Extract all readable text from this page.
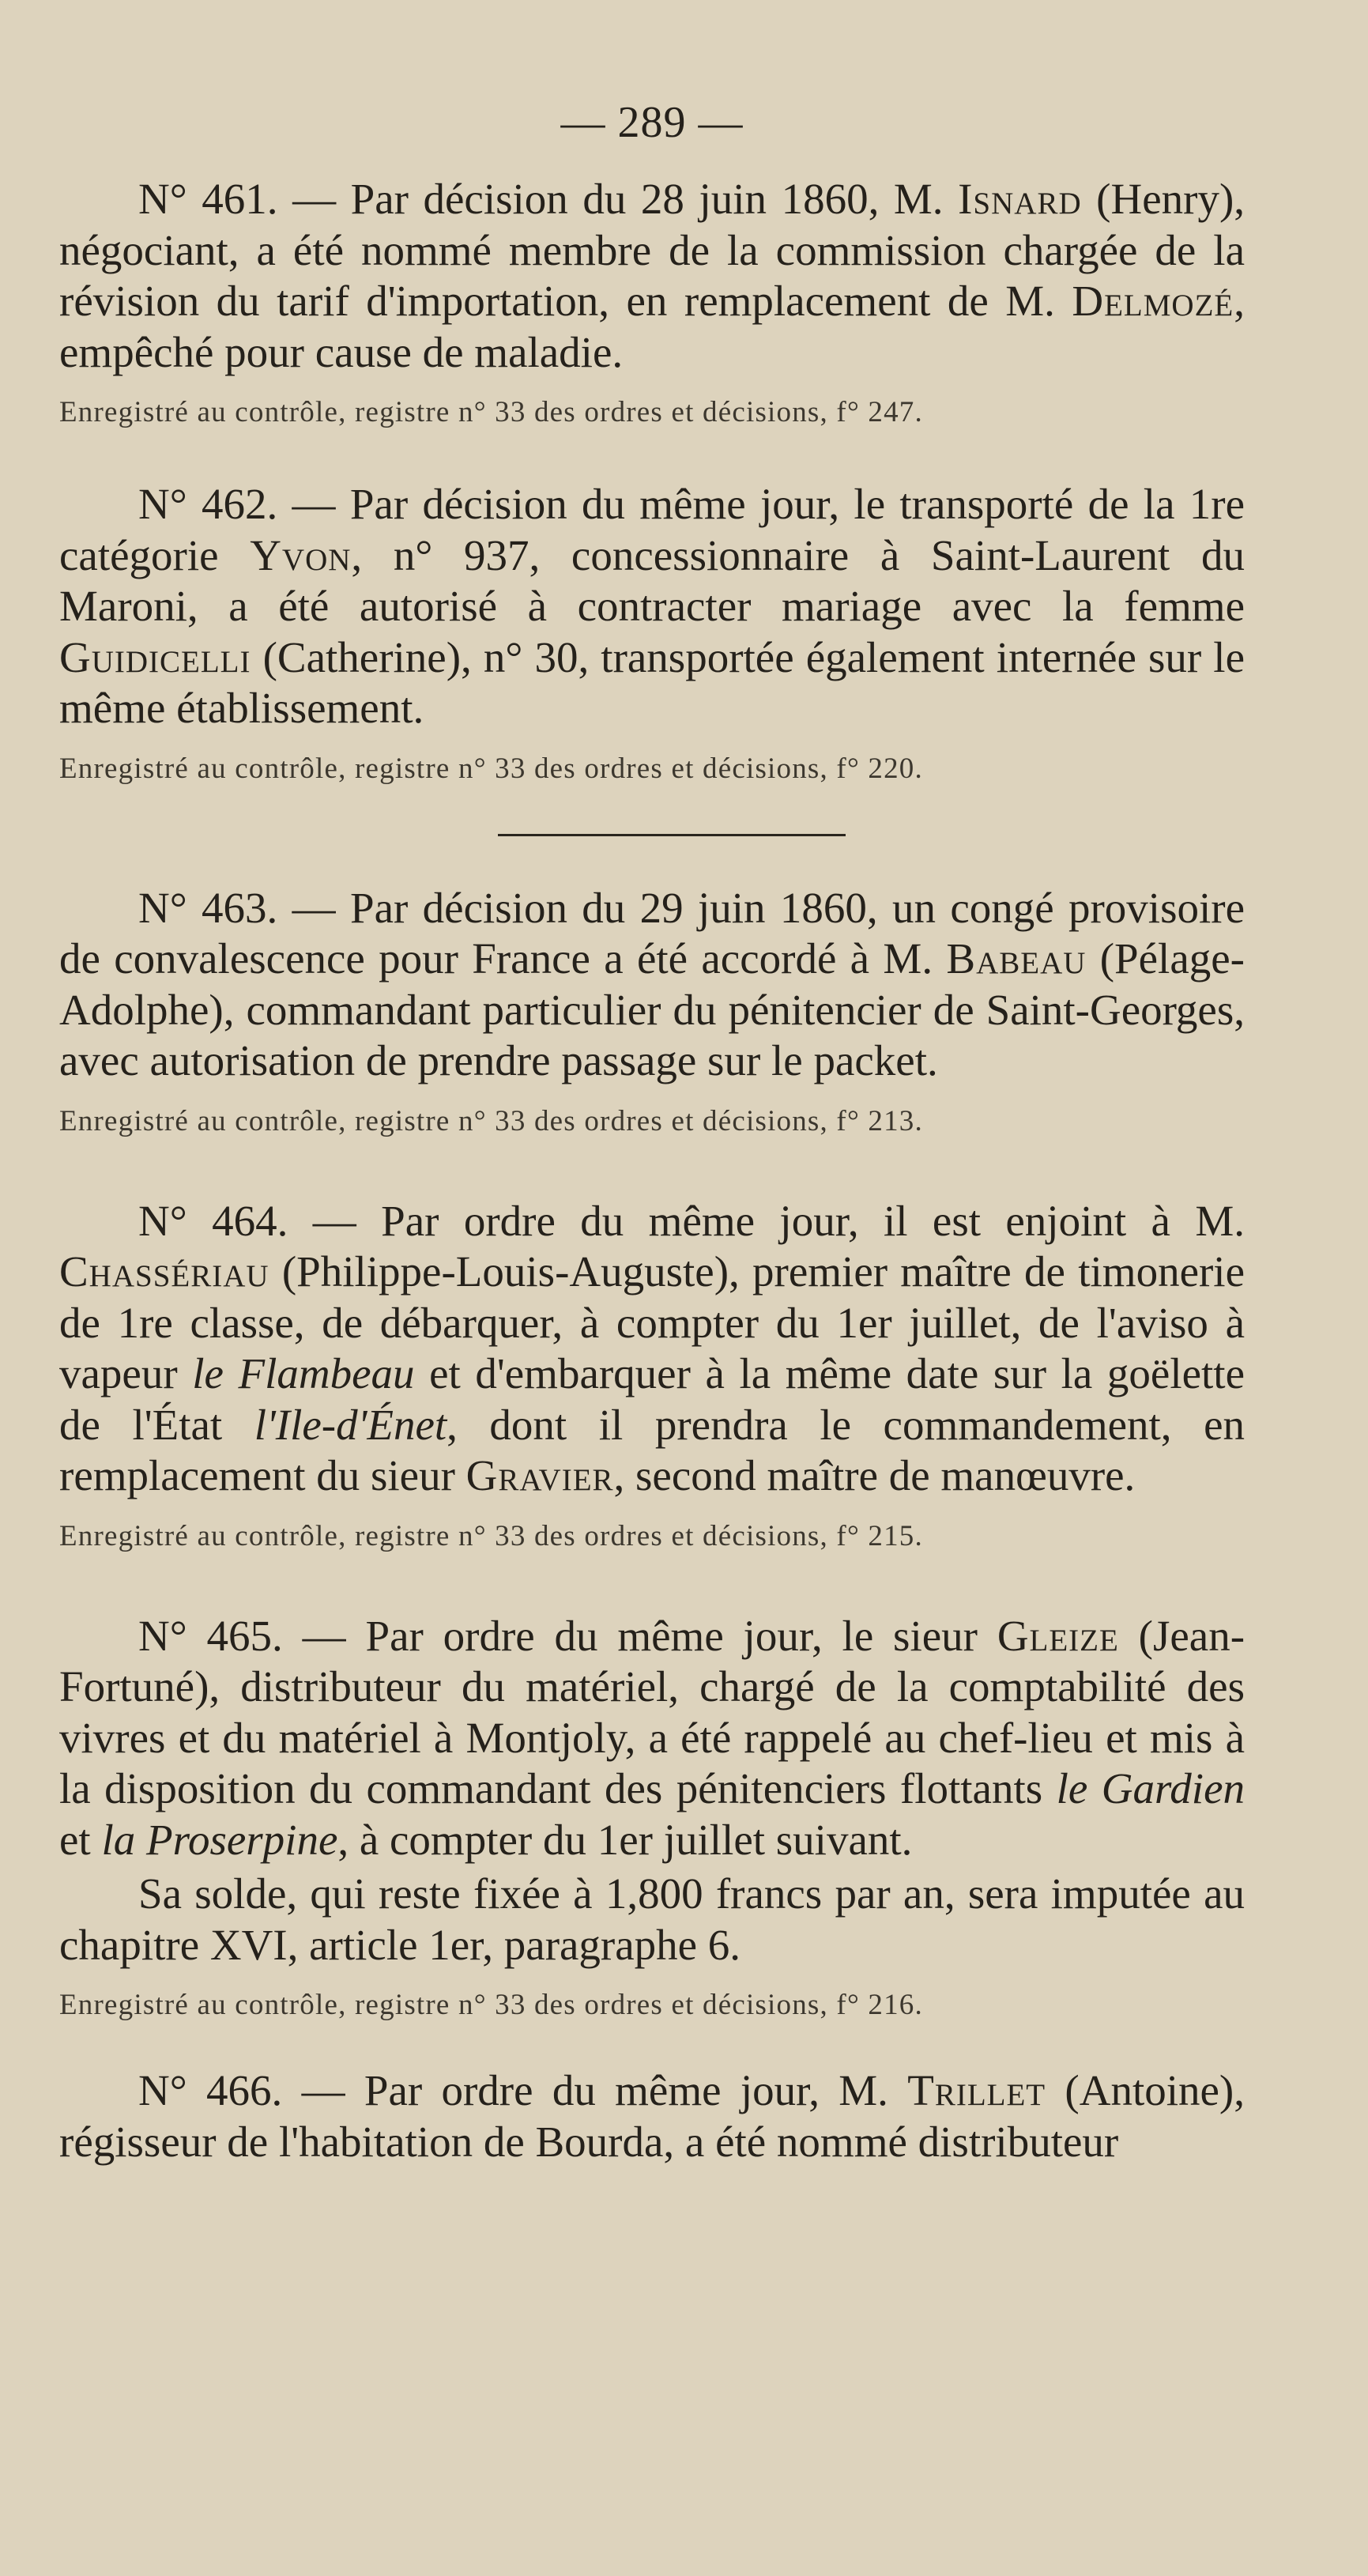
— 289 —

N° 461. — Par décision du 28 juin 1860, M. Isnard (Henry), négociant, a été nommé membre de la commission chargée de la révision du tarif d'importation, en remplacement de M. Delmozé, empêché pour cause de maladie.

Enregistré au contrôle, registre n° 33 des ordres et décisions, f° 247.

N° 462. — Par décision du même jour, le transporté de la 1re catégorie Yvon, n° 937, concessionnaire à Saint-Laurent du Maroni, a été autorisé à contracter mariage avec la femme Guidicelli (Catherine), n° 30, transportée également internée sur le même établissement.

Enregistré au contrôle, registre n° 33 des ordres et décisions, f° 220.

N° 463. — Par décision du 29 juin 1860, un congé provisoire de convalescence pour France a été accordé à M. Babeau (Pélage-Adolphe), commandant particulier du pénitencier de Saint-Georges, avec autorisation de prendre passage sur le packet.

Enregistré au contrôle, registre n° 33 des ordres et décisions, f° 213.

N° 464. — Par ordre du même jour, il est enjoint à M. Chassériau (Philippe-Louis-Auguste), premier maître de timonerie de 1re classe, de débarquer, à compter du 1er juillet, de l'aviso à vapeur le Flambeau et d'embarquer à la même date sur la goëlette de l'État l'Ile-d'Énet, dont il prendra le commandement, en remplacement du sieur Gravier, second maître de manœuvre.

Enregistré au contrôle, registre n° 33 des ordres et décisions, f° 215.

N° 465. — Par ordre du même jour, le sieur Gleize (Jean-Fortuné), distributeur du matériel, chargé de la comptabilité des vivres et du matériel à Montjoly, a été rappelé au chef-lieu et mis à la disposition du commandant des pénitenciers flottants le Gardien et la Proserpine, à compter du 1er juillet suivant.

Sa solde, qui reste fixée à 1,800 francs par an, sera imputée au chapitre XVI, article 1er, paragraphe 6.

Enregistré au contrôle, registre n° 33 des ordres et décisions, f° 216.

N° 466. — Par ordre du même jour, M. Trillet (Antoine), régisseur de l'habitation de Bourda, a été nommé distributeur
